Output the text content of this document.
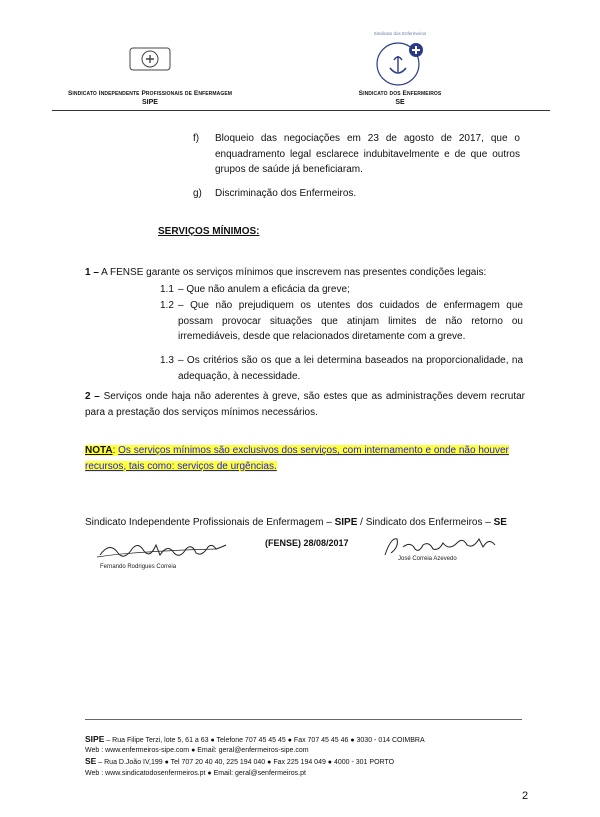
Sindicato Independente Profissionais de Enfermagem
SIPE
Sindicato dos Enfermeiros
Sindicato dos Enfermeiros
SE
f) Bloqueio das negociações em 23 de agosto de 2017, que o enquadramento legal esclarece indubitavelmente e de que outros grupos de saúde já beneficiaram.
g) Discriminação dos Enfermeiros.
SERVIÇOS MÍNIMOS:
1 – A FENSE garante os serviços mínimos que inscrevem nas presentes condições legais:
1.1 – Que não anulem a eficácia da greve;
1.2 – Que não prejudiquem os utentes dos cuidados de enfermagem que possam provocar situações que atinjam limites de não retorno ou irremediáveis, desde que relacionados diretamente com a greve.
1.3 – Os critérios são os que a lei determina baseados na proporcionalidade, na adequação, à necessidade.
2 – Serviços onde haja não aderentes à greve, são estes que as administrações devem recrutar para a prestação dos serviços mínimos necessários.
NOTA: Os serviços mínimos são exclusivos dos serviços, com internamento e onde não houver recursos, tais como: serviços de urgências.
Sindicato Independente Profissionais de Enfermagem – SIPE / Sindicato dos Enfermeiros – SE
Fernando Rodrigues Correia
(FENSE) 28/08/2017
José Correia Azevedo
SIPE – Rua Filipe Terzi, lote 5, 61 a 63 ● Telefone 707 45 45 45 ● Fax 707 45 45 46 ● 3030 - 014 COIMBRA
Web : www.enfermeiros-sipe.com ● Email: geral@enfermeiros-sipe.com
SE – Rua D.João IV,199 ● Tel 707 20 40 40, 225 194 040 ● Fax 225 194 049 ● 4000 - 301 PORTO
Web : www.sindicatodosenfermeiros.pt ● Email: geral@senfermeiros.pt
2
